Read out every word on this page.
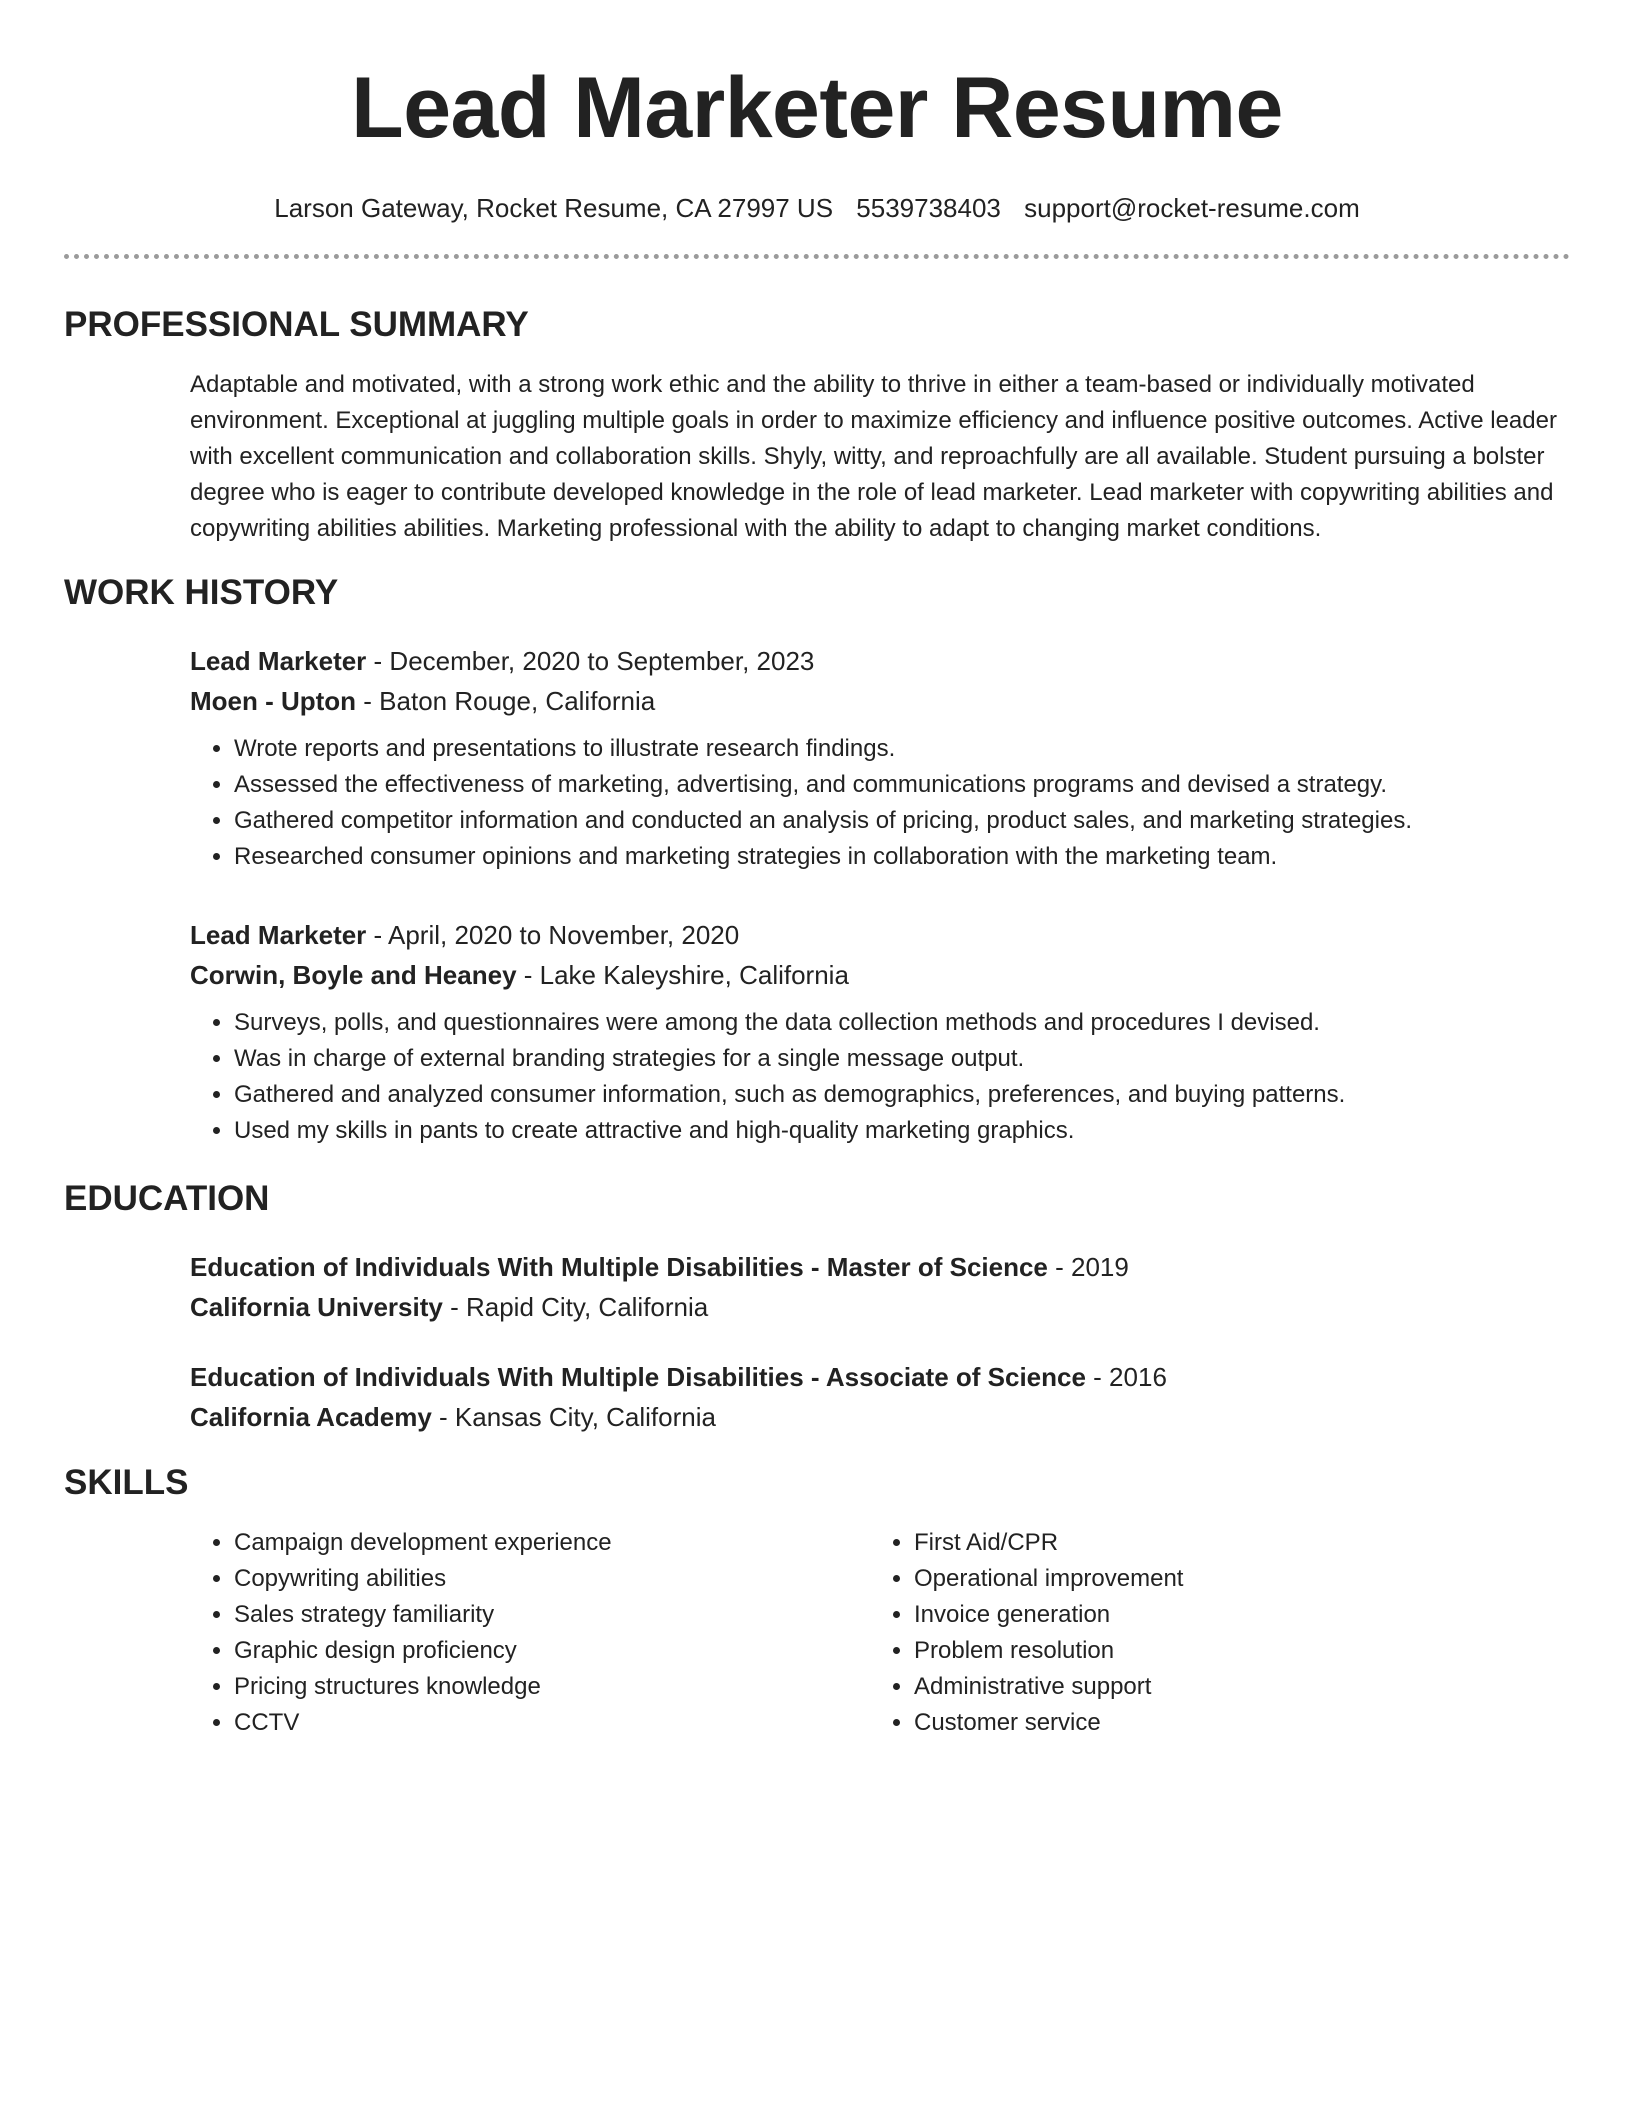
Lead Marketer Resume
Larson Gateway, Rocket Resume, CA 27997 US 5539738403 support@rocket-resume.com
PROFESSIONAL SUMMARY

Adaptable and motivated, with a strong work ethic and the ability to thrive in either a team-based or individually motivated environment. Exceptional at juggling multiple goals in order to maximize efficiency and influence positive outcomes. Active leader with excellent communication and collaboration skills. Shyly, witty, and reproachfully are all available. Student pursuing a bolster degree who is eager to contribute developed knowledge in the role of lead marketer. Lead marketer with copywriting abilities and copywriting abilities abilities. Marketing professional with the ability to adapt to changing market conditions.

WORK HISTORY
Lead Marketer - December, 2020 to September, 2023
Moen - Upton - Baton Rouge, California
• Wrote reports and presentations to illustrate research findings.
• Assessed the effectiveness of marketing, advertising, and communications programs and devised a strategy.
• Gathered competitor information and conducted an analysis of pricing, product sales, and marketing strategies.
• Researched consumer opinions and marketing strategies in collaboration with the marketing team.
Lead Marketer - April, 2020 to November, 2020
Corwin, Boyle and Heaney - Lake Kaleyshire, California
• Surveys, polls, and questionnaires were among the data collection methods and procedures I devised.
• Was in charge of external branding strategies for a single message output.
• Gathered and analyzed consumer information, such as demographics, preferences, and buying patterns.
• Used my skills in pants to create attractive and high-quality marketing graphics.
EDUCATION
Education of Individuals With Multiple Disabilities - Master of Science - 2019
California University - Rapid City, California
Education of Individuals With Multiple Disabilities - Associate of Science - 2016
California Academy - Kansas City, California
SKILLS
• Campaign development experience
• Copywriting abilities
• Sales strategy familiarity
• Graphic design proficiency
• Pricing structures knowledge
• CCTV
• First Aid/CPR
• Operational improvement
• Invoice generation
• Problem resolution
• Administrative support
• Customer service
